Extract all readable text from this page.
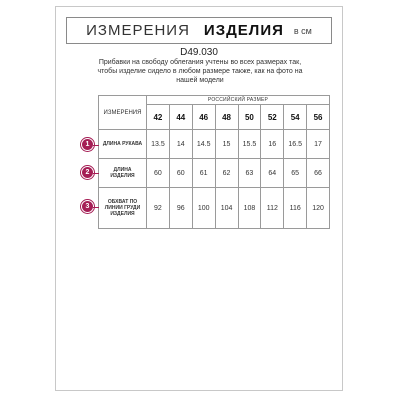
ИЗМЕРЕНИЯ ИЗДЕЛИЯ в см
D49.030
Прибавки на свободу облегания учтены во всех размерах так, чтобы изделие сидело в любом размере также, как на фото на нашей модели
ИЗМЕРЕНИЯ	РОССИЙСКИЙ РАЗМЕР							
	42	44	46	48	50	52	54	56
ДЛИНА РУКАВА	13.5	14	14.5	15	15.5	16	16.5	17
ДЛИНА ИЗДЕЛИЯ	60	60	61	62	63	64	65	66
ОБХВАТ ПО ЛИНИИ ГРУДИ ИЗДЕЛИЯ	92	96	100	104	108	112	116	120
1
2
3
